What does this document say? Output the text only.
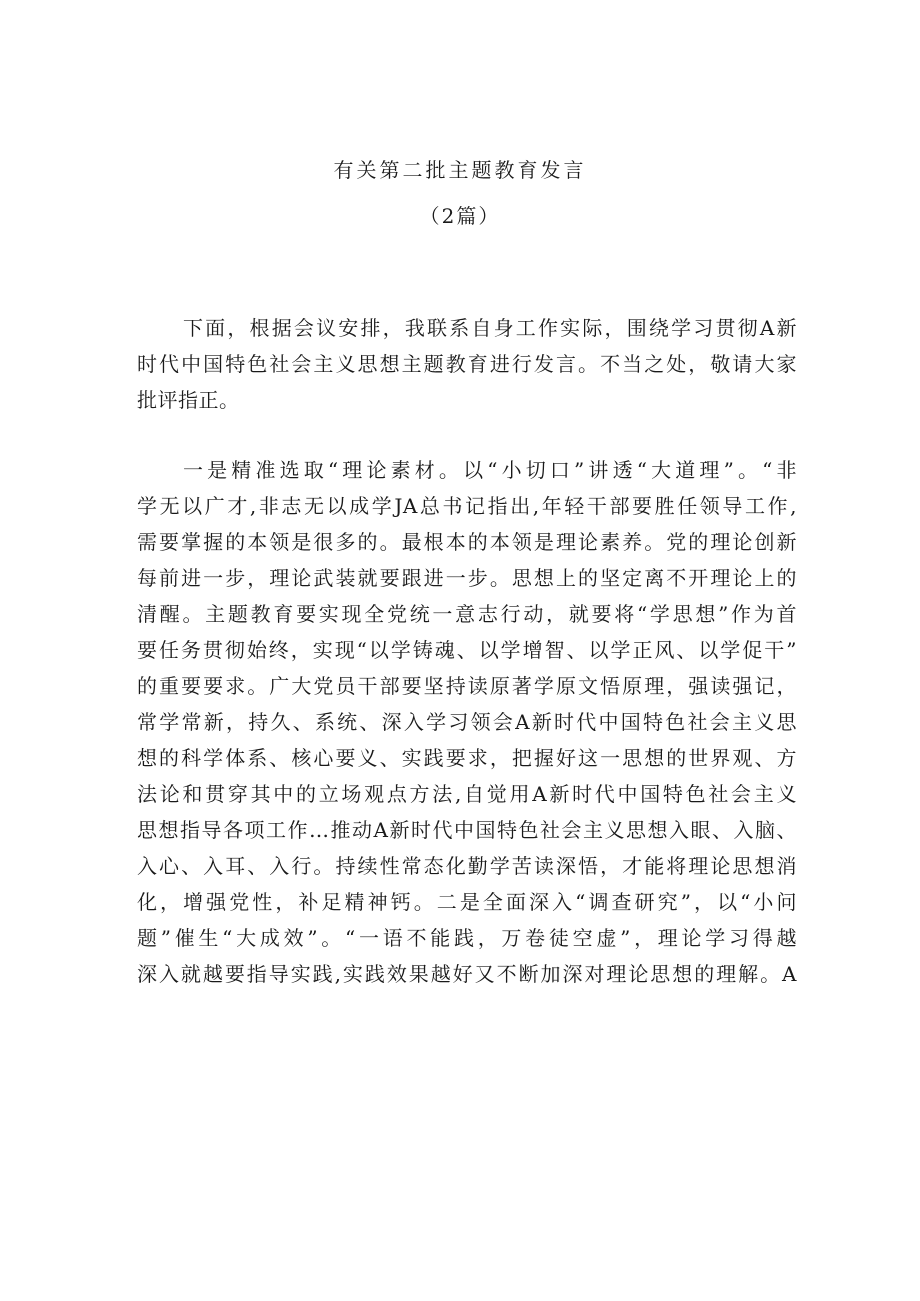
有关第二批主题教育发言
（2篇）
下面，根据会议安排，我联系自身工作实际，围绕学习贯彻A新
时代中国特色社会主义思想主题教育进行发言。不当之处，敬请大家
批评指正。
一是精准选取“理论素材。以“小切口”讲透“大道理”。“非
学无以广才,非志无以成学JA总书记指出,年轻干部要胜任领导工作,
需要掌握的本领是很多的。最根本的本领是理论素养。党的理论创新
每前进一步，理论武装就要跟进一步。思想上的坚定离不开理论上的
清醒。主题教育要实现全党统一意志行动，就要将“学思想”作为首
要任务贯彻始终，实现“以学铸魂、以学增智、以学正风、以学促干”
的重要要求。广大党员干部要坚持读原著学原文悟原理，强读强记，
常学常新，持久、系统、深入学习领会A新时代中国特色社会主义思
想的科学体系、核心要义、实践要求，把握好这一思想的世界观、方
法论和贯穿其中的立场观点方法,自觉用A新时代中国特色社会主义
思想指导各项工作…推动A新时代中国特色社会主义思想入眼、入脑、
入心、入耳、入行。持续性常态化勤学苦读深悟，才能将理论思想消
化，增强党性，补足精神钙。二是全面深入“调查研究”，以“小问
题”催生“大成效”。“一语不能践，万卷徒空虚”，理论学习得越
深入就越要指导实践,实践效果越好又不断加深对理论思想的理解。A
